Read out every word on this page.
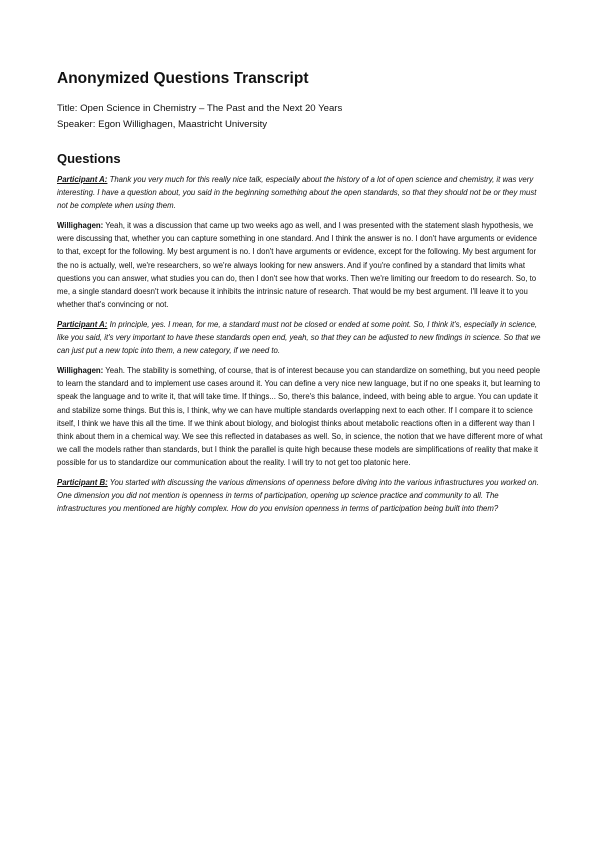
Anonymized Questions Transcript

Title: Open Science in Chemistry – The Past and the Next 20 Years

Speaker: Egon Willighagen, Maastricht University

Questions

Participant A: Thank you very much for this really nice talk, especially about the history of a lot of open science and chemistry, it was very interesting. I have a question about, you said in the beginning something about the open standards, so that they should not be or they must not be complete when using them.

Willighagen: Yeah, it was a discussion that came up two weeks ago as well, and I was presented with the statement slash hypothesis, we were discussing that, whether you can capture something in one standard. And I think the answer is no. I don't have arguments or evidence to that, except for the following. My best argument is no. I don't have arguments or evidence, except for the following. My best argument for the no is actually, well, we're researchers, so we're always looking for new answers. And if you're confined by a standard that limits what questions you can answer, what studies you can do, then I don't see how that works. Then we're limiting our freedom to do research. So, to me, a single standard doesn't work because it inhibits the intrinsic nature of research. That would be my best argument. I'll leave it to you whether that's convincing or not.

Participant A: In principle, yes. I mean, for me, a standard must not be closed or ended at some point. So, I think it's, especially in science, like you said, it's very important to have these standards open end, yeah, so that they can be adjusted to new findings in science. So that we can just put a new topic into them, a new category, if we need to.

Willighagen: Yeah. The stability is something, of course, that is of interest because you can standardize on something, but you need people to learn the standard and to implement use cases around it. You can define a very nice new language, but if no one speaks it, but learning to speak the language and to write it, that will take time. If things... So, there's this balance, indeed, with being able to argue. You can update it and stabilize some things. But this is, I think, why we can have multiple standards overlapping next to each other. If I compare it to science itself, I think we have this all the time. If we think about biology, and biologist thinks about metabolic reactions often in a different way than I think about them in a chemical way. We see this reflected in databases as well. So, in science, the notion that we have different more of what we call the models rather than standards, but I think the parallel is quite high because these models are simplifications of reality that make it possible for us to standardize our communication about the reality. I will try to not get too platonic here.

Participant B: You started with discussing the various dimensions of openness before diving into the various infrastructures you worked on. One dimension you did not mention is openness in terms of participation, opening up science practice and community to all. The infrastructures you mentioned are highly complex. How do you envision openness in terms of participation being built into them?
